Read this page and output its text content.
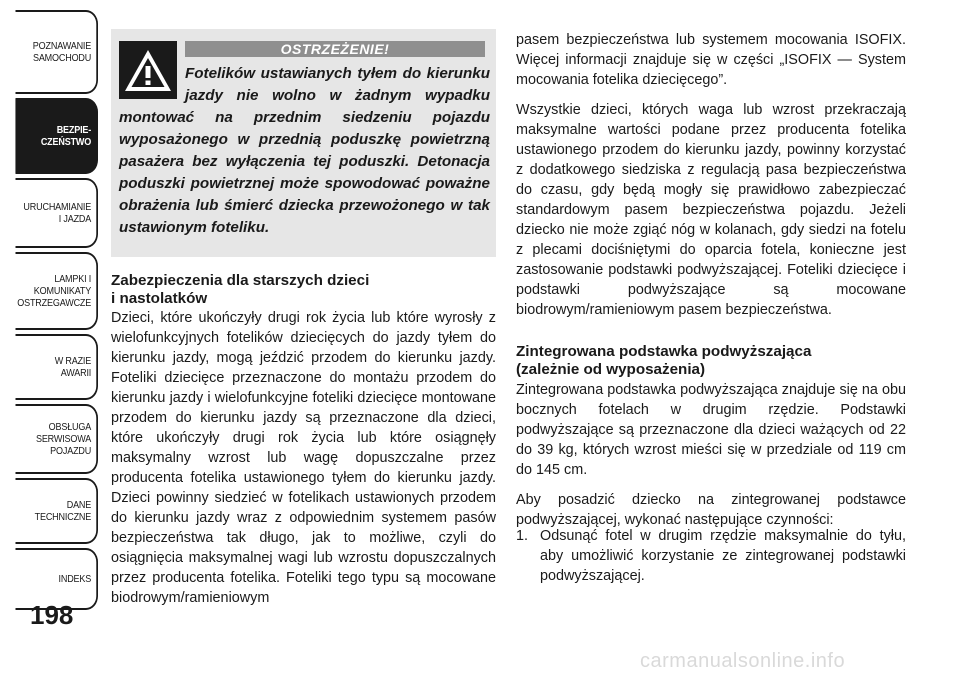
POZNAWANIE
SAMOCHODU
BEZPIE-
CZEŃSTWO
URUCHAMIANIE
I JAZDA
LAMPKI I
KOMUNIKATY
OSTRZEGAWCZE
W RAZIE
AWARII
OBSŁUGA
SERWISOWA
POJAZDU
DANE
TECHNICZNE
INDEKS
198
OSTRZEŻENIE!
Fotelików ustawianych tyłem do kierunku jazdy nie wolno w żadnym wypadku montować na przednim siedzeniu pojazdu wyposażonego w przednią poduszkę powietrzną pasażera bez wyłączenia tej poduszki. Detonacja poduszki powietrznej może spowodować poważne obrażenia lub śmierć dziecka przewożonego w tak ustawionym foteliku.
Zabezpieczenia dla starszych dzieci
i nastolatków
Dzieci, które ukończyły drugi rok życia lub które wyrosły z wielofunkcyjnych fotelików dziecięcych do jazdy tyłem do kierunku jazdy, mogą jeździć przodem do kierunku jazdy. Foteliki dziecięce przeznaczone do montażu przodem do kierunku jazdy i wielofunkcyjne foteliki dziecięce montowane przodem do kierunku jazdy są przeznaczone dla dzieci, które ukończyły drugi rok życia lub które osiągnęły maksymalny wzrost lub wagę dopuszczalne przez producenta fotelika ustawionego tyłem do kierunku jazdy. Dzieci powinny siedzieć w fotelikach ustawionych przodem do kierunku jazdy wraz z odpowiednim systemem pasów bezpieczeństwa tak długo, jak to możliwe, czyli do osiągnięcia maksymalnej wagi lub wzrostu dopuszczalnych przez producenta fotelika. Foteliki tego typu są mocowane biodrowym/ramieniowym
pasem bezpieczeństwa lub systemem mocowania ISOFIX. Więcej informacji znajduje się w części „ISOFIX — System mocowania fotelika dziecięcego”.
Wszystkie dzieci, których waga lub wzrost przekraczają maksymalne wartości podane przez producenta fotelika ustawionego przodem do kierunku jazdy, powinny korzystać z dodatkowego siedziska z regulacją pasa bezpieczeństwa do czasu, gdy będą mogły się prawidłowo zabezpieczać standardowym pasem bezpieczeństwa pojazdu. Jeżeli dziecko nie może zgiąć nóg w kolanach, gdy siedzi na fotelu z plecami dociśniętymi do oparcia fotela, konieczne jest zastosowanie podstawki podwyższającej. Foteliki dziecięce i podstawki podwyższające są mocowane biodrowym/ramieniowym pasem bezpieczeństwa.
Zintegrowana podstawka podwyższająca
(zależnie od wyposażenia)
Zintegrowana podstawka podwyższająca znajduje się na obu bocznych fotelach w drugim rzędzie. Podstawki podwyższające są przeznaczone dla dzieci ważących od 22 do 39 kg, których wzrost mieści się w przedziale od 119 cm do 145 cm.
Aby posadzić dziecko na zintegrowanej podstawce podwyższającej, wykonać następujące czynności:
1. Odsunąć fotel w drugim rzędzie maksymalnie do tyłu, aby umożliwić korzystanie ze zintegrowanej podstawki podwyższającej.
carmanualsonline.info
